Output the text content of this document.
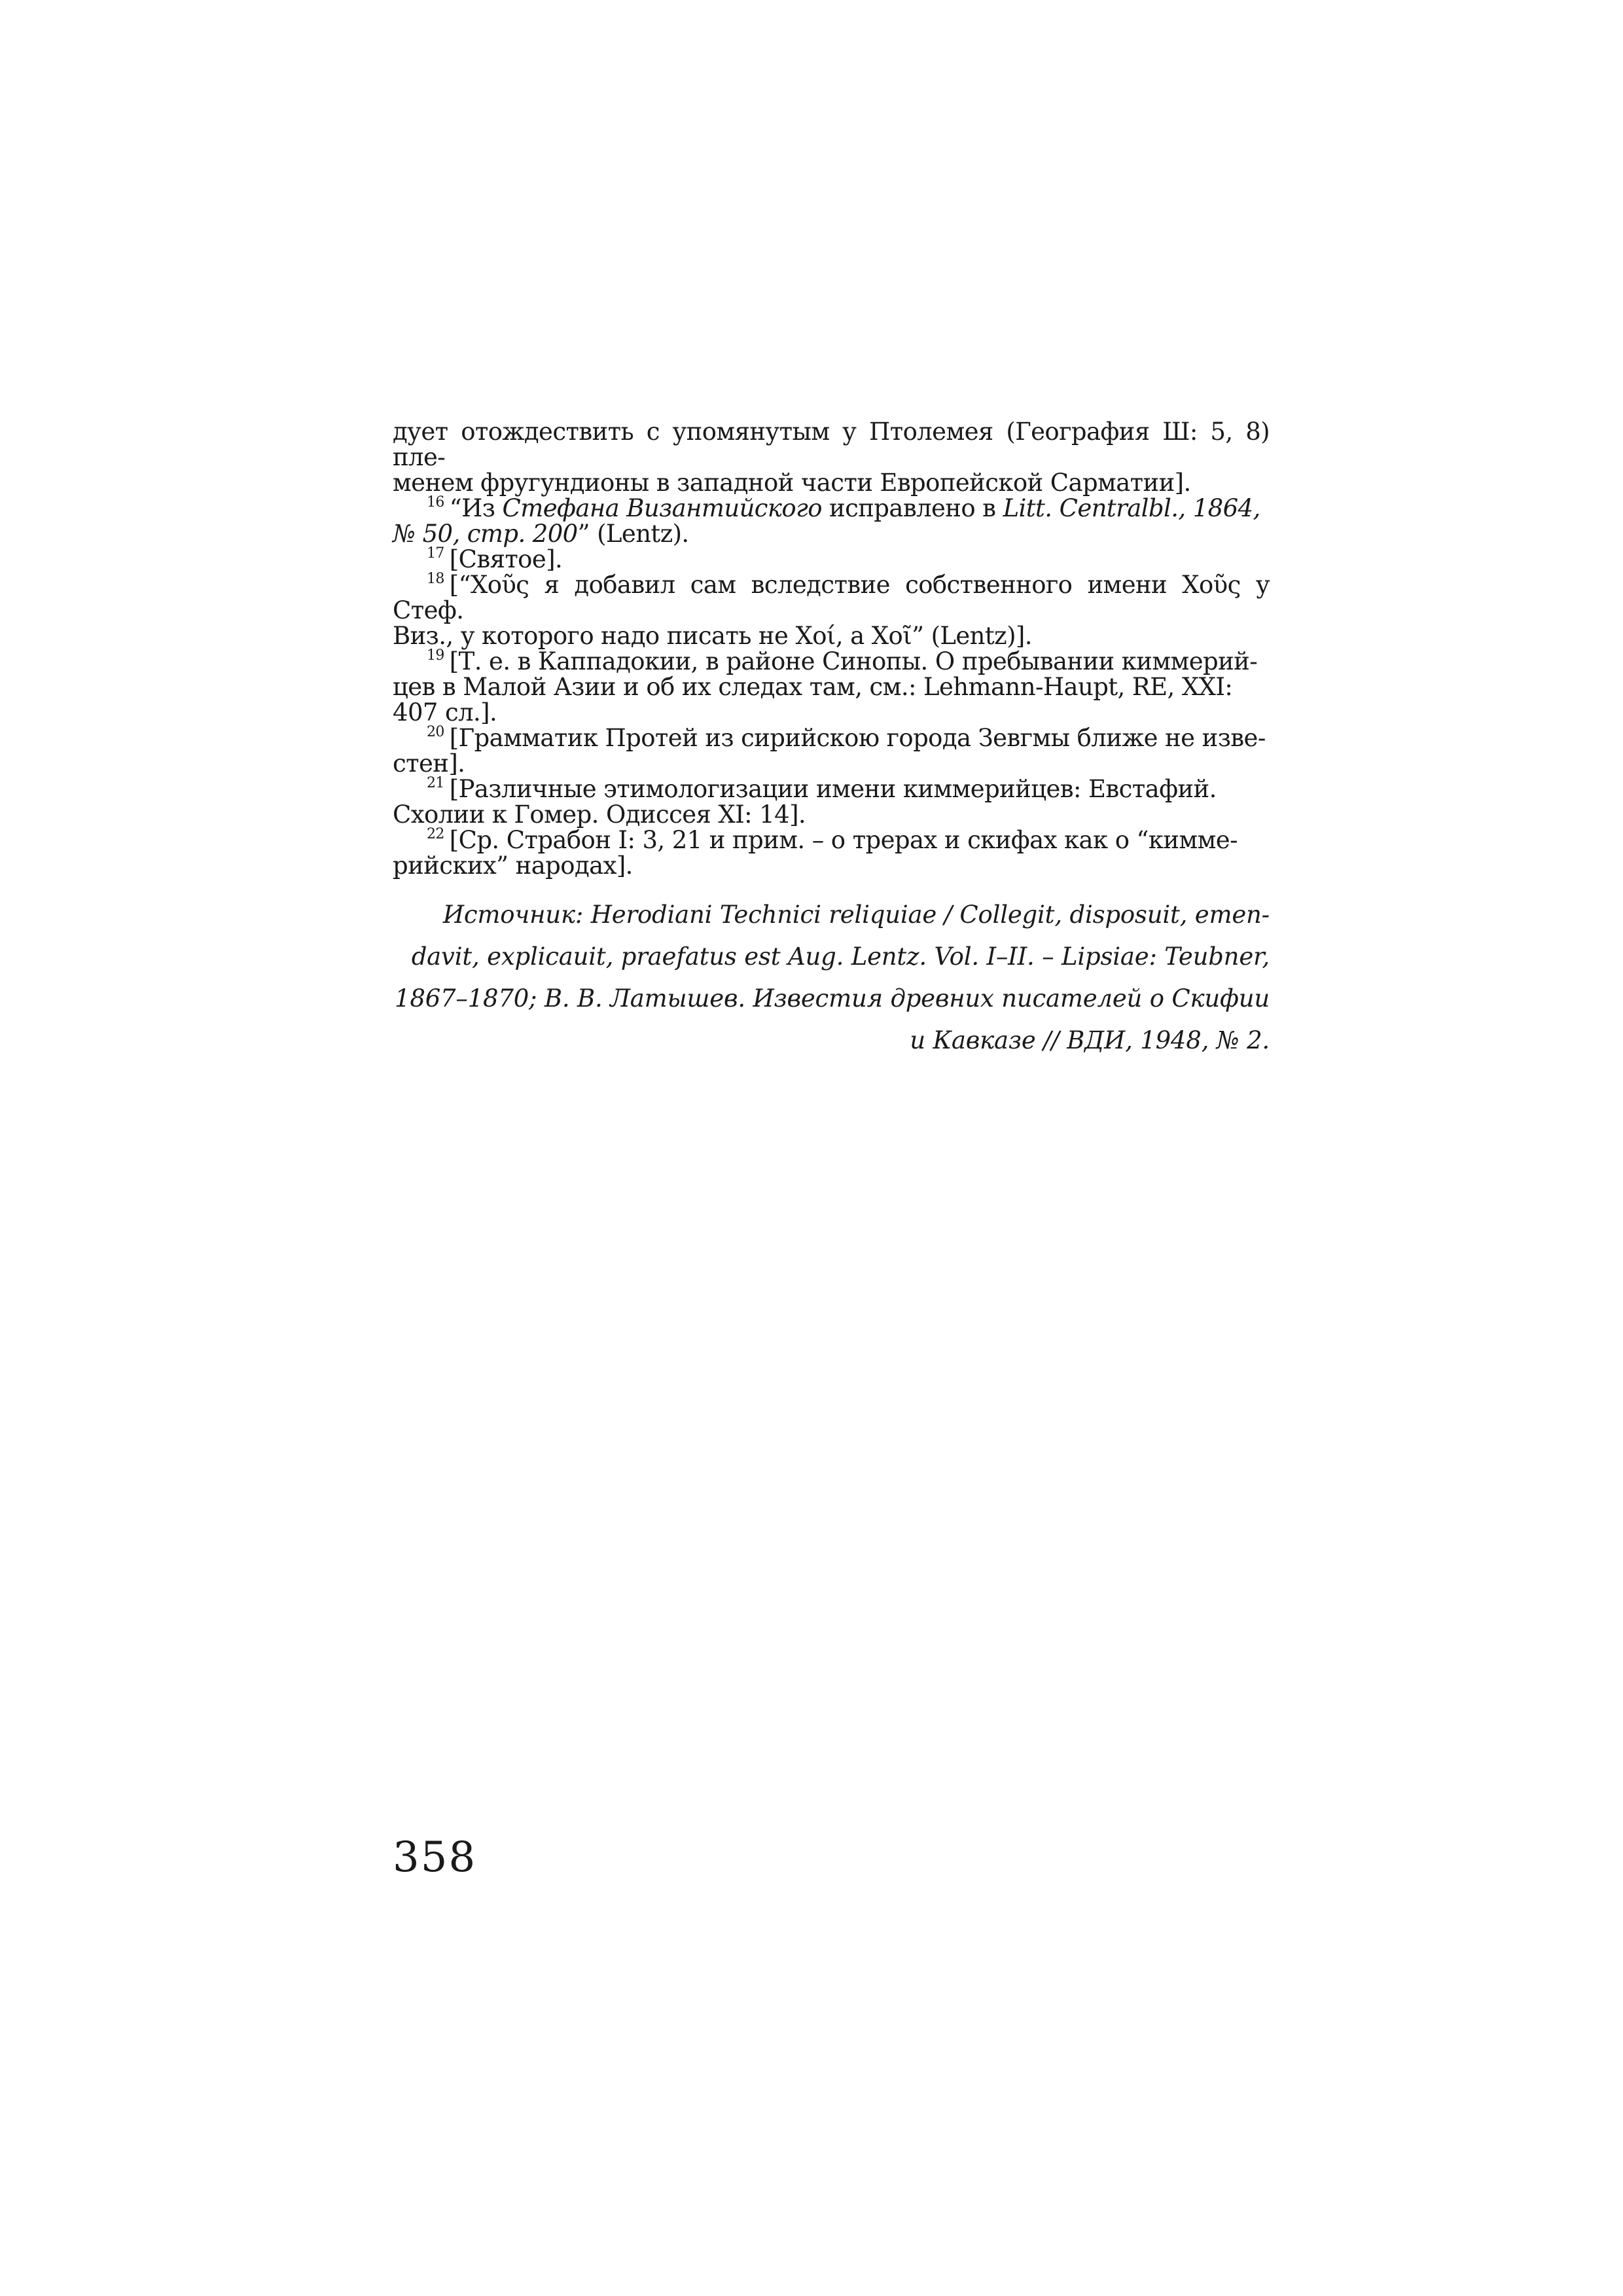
дует отождествить с упомянутым у Птолемея (География Ш: 5, 8) пле-
менем фругундионы в западной части Европейской Сарматии].

$^{16}$ “Из Стефана Византийского исправлено в Litt. Centralbl., 1864,
№ 50, стр. 200” (Lentz).

$^{17}$ [Святое].

$^{18}$ [“Χοῦς я добавил сам вследствие собственного имени Χοῦς у Стеф.
Виз., у которого надо писать не Χοί, а Χοῖ” (Lentz)].

$^{19}$ [Т. е. в Каппадокии, в районе Синопы. О пребывании киммерий-
цев в Малой Азии и об их следах там, см.: Lehmann-Haupt, RE, XXI:
407 сл.].

$^{20}$ [Грамматик Протей из сирийскою города Зевгмы ближе не изве-
стен].

$^{21}$ [Различные этимологизации имени киммерийцев: Евстафий.
Схолии к Гомер. Одиссея XI: 14].

$^{22}$ [Ср. Страбон I: 3, 21 и прим. – о трерах и скифах как о “кимме-
рийских” народах].

Источник: Herodiani Technici reliquiae / Collegit, disposuit, emen-
davit, explicauit, praefatus est Aug. Lentz. Vol. I–II. – Lipsiae: Teubner,
1867–1870; В. В. Латышев. Известия древних писателей о Скифии
и Кавказе // ВДИ, 1948, № 2.
358
